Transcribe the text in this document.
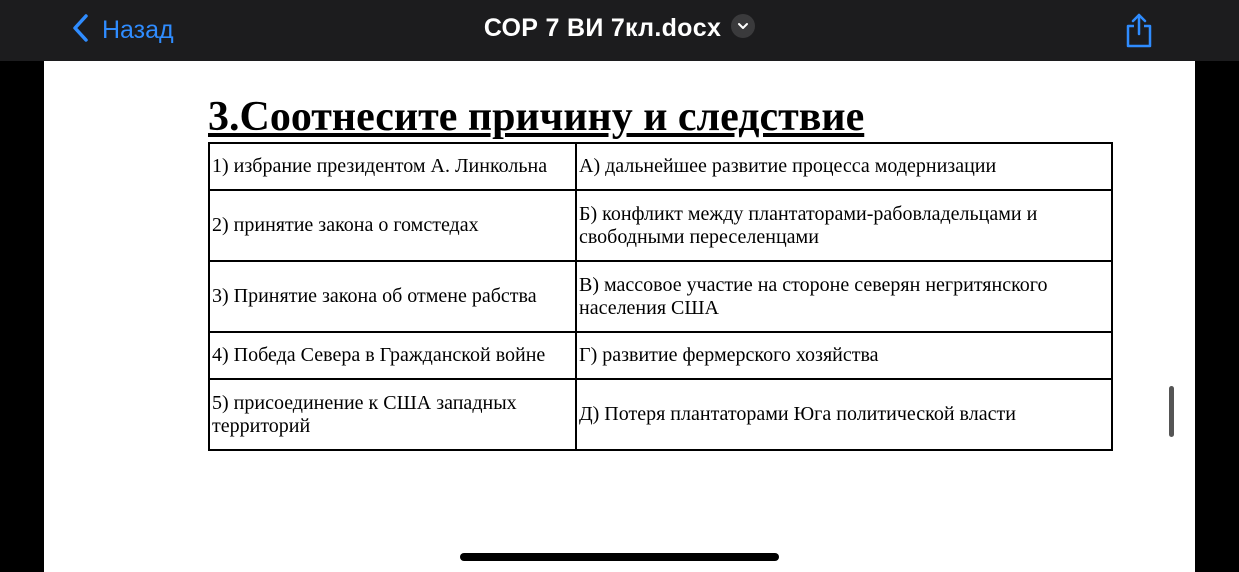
Назад	СОР 7 ВИ 7кл.docx
3.Соотнесите причину и следствие
1) избрание президентом А. Линкольна	А) дальнейшее развитие процесса модернизации
2) принятие закона о гомстедах	Б) конфликт между плантаторами-рабовладельцами и свободными переселенцами
3) Принятие закона об отмене рабства	В) массовое участие на стороне северян негритянского населения США
4) Победа Севера в Гражданской войне	Г) развитие фермерского хозяйства
5) присоединение к США западных территорий	Д) Потеря плантаторами Юга политической власти
